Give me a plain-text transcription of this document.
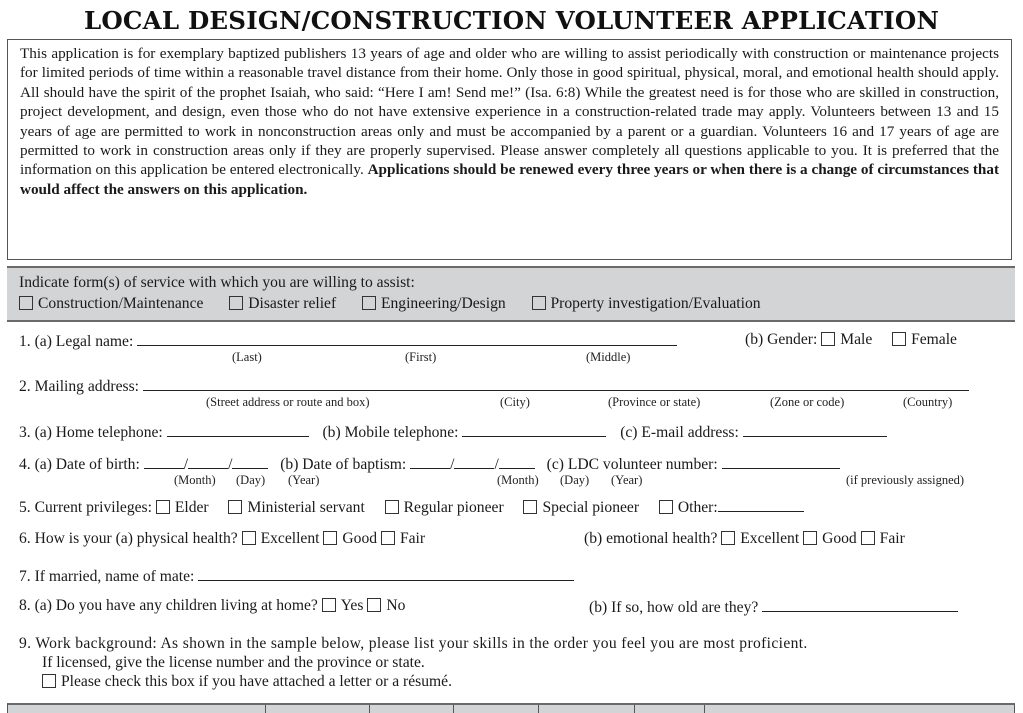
LOCAL DESIGN/CONSTRUCTION VOLUNTEER APPLICATION
This application is for exemplary baptized publishers 13 years of age and older who are willing to assist periodically with construction or maintenance projects for limited periods of time within a reasonable travel distance from their home. Only those in good spiritual, physical, moral, and emotional health should apply. All should have the spirit of the prophet Isaiah, who said: “Here I am! Send me!” (Isa. 6:8) While the greatest need is for those who are skilled in construction, project development, and design, even those who do not have extensive experience in a construction-related trade may apply. Volunteers between 13 and 15 years of age are permitted to work in nonconstruction areas only and must be accompanied by a parent or a guardian. Volunteers 16 and 17 years of age are permitted to work in construction areas only if they are properly supervised. Please answer completely all questions applicable to you. It is preferred that the information on this application be entered electronically. Applications should be renewed every three years or when there is a change of circumstances that would affect the answers on this application.
Indicate form(s) of service with which you are willing to assist:
Construction/Maintenance	Disaster relief	Engineering/Design	Property investigation/Evaluation
1. (a) Legal name:
(Last)	(First)	(Middle)
(b) Gender: Male Female
2. Mailing address:
(Street address or route and box)	(City)	(Province or state)	(Zone or code)	(Country)
3. (a) Home telephone:	(b) Mobile telephone:	(c) E-mail address:
4. (a) Date of birth:	/	/	(b) Date of baptism:	/	/	(c) LDC volunteer number:
(Month) (Day) (Year)	(Month) (Day) (Year)	(if previously assigned)
5. Current privileges: Elder Ministerial servant Regular pioneer Special pioneer Other:
6. How is your (a) physical health? Excellent Good Fair	(b) emotional health? Excellent Good Fair
7. If married, name of mate:
8. (a) Do you have any children living at home? Yes No	(b) If so, how old are they?
9. Work background: As shown in the sample below, please list your skills in the order you feel you are most proficient.
If licensed, give the license number and the province or state.
Please check this box if you have attached a letter or a résumé.
